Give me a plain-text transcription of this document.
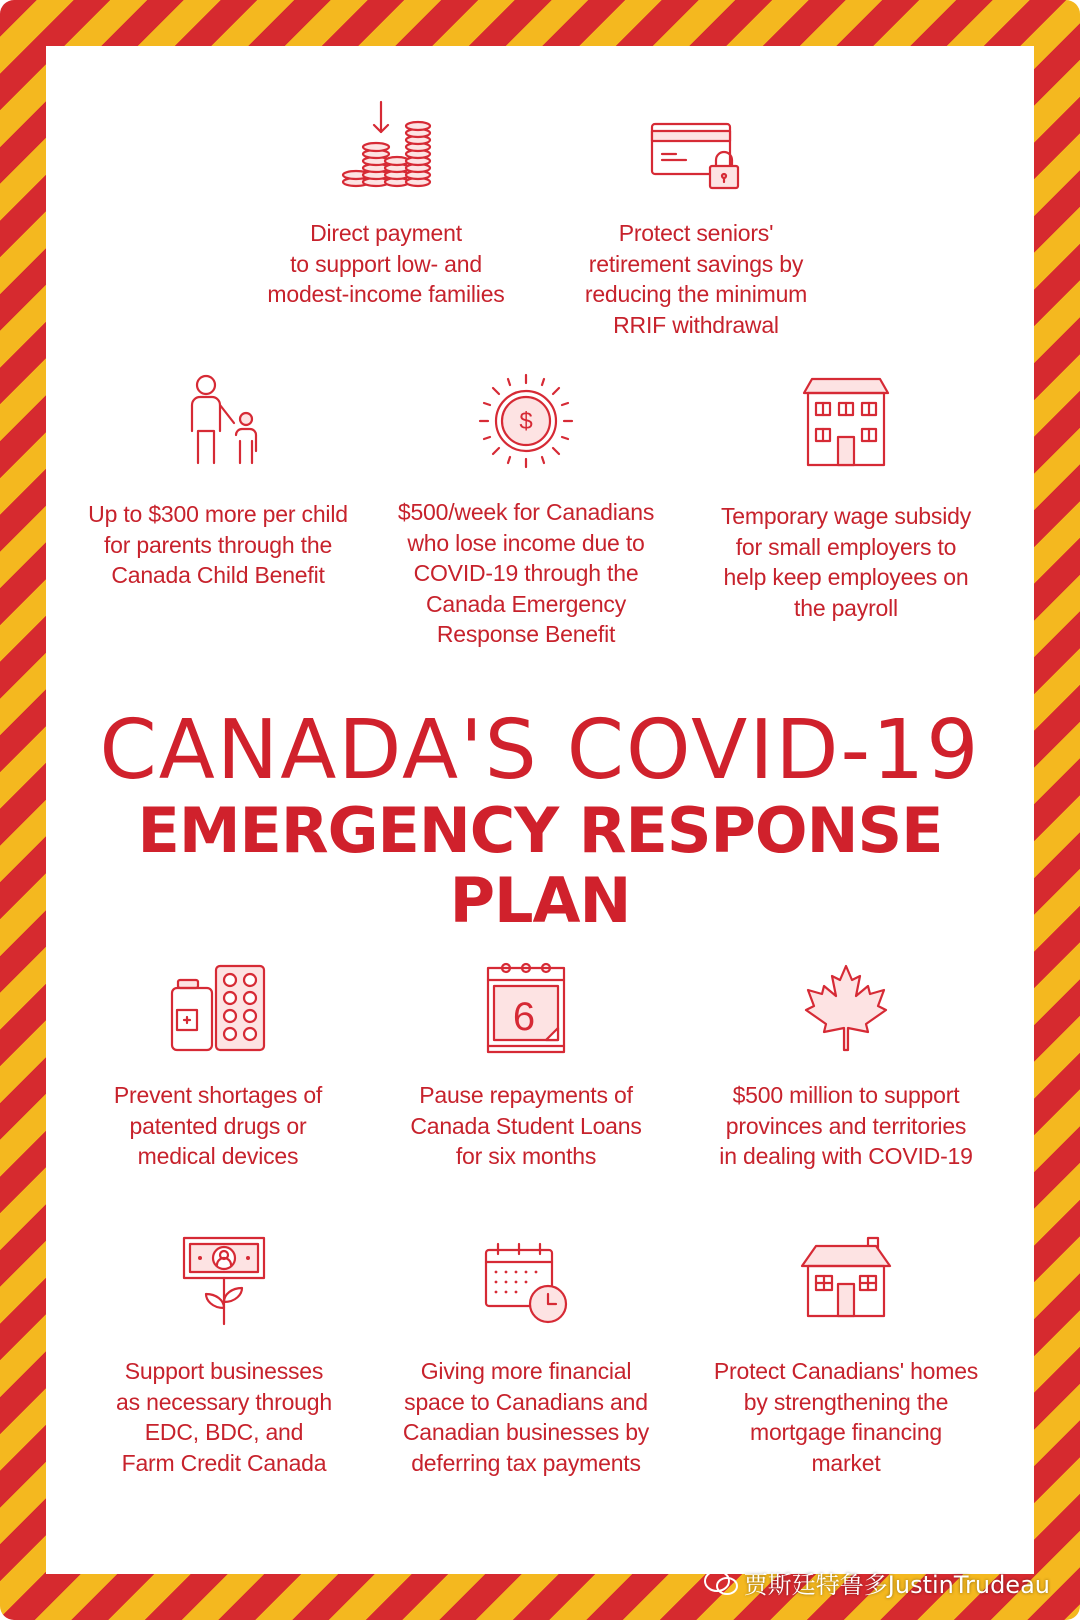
Direct payment
to support low- and
modest-income families
Protect seniors'
retirement savings by
reducing the minimum
RRIF withdrawal
Up to $300 more per child
for parents through the
Canada Child Benefit
$
$500/week for Canadians
who lose income due to
COVID-19 through the
Canada Emergency
Response Benefit
Temporary wage subsidy
for small employers to
help keep employees on
the payroll
CANADA'S COVID-19
EMERGENCY RESPONSE PLAN
Prevent shortages of
patented drugs or
medical devices
6
Pause repayments of
Canada Student Loans
for six months
$500 million to support
provinces and territories
in dealing with COVID-19
Support businesses
as necessary through
EDC, BDC, and
Farm Credit Canada
Giving more financial
space to Canadians and
Canadian businesses by
deferring tax payments
Protect Canadians' homes
by strengthening the
mortgage financing
market
贾斯廷特鲁多JustinTrudeau
